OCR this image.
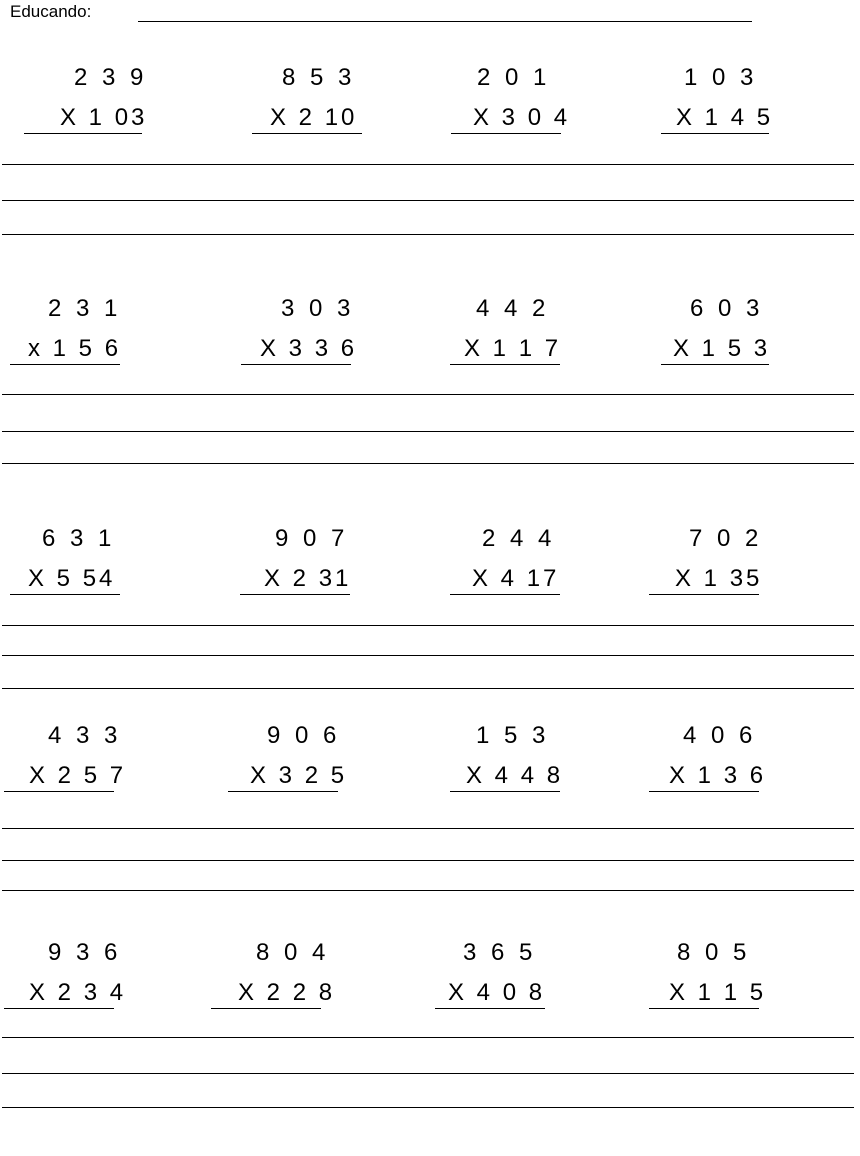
Educando:
2 3 9
X 1 03
8 5 3
X 2 10
2 0 1
X 3 0 4
1 0 3
X 1 4 5
2 3 1
x 1 5 6
3 0 3
X 3 3 6
4 4 2
X 1 1 7
6 0 3
X 1 5 3
6 3 1
X 5 54
9 0 7
X 2 31
2 4 4
X 4 17
7 0 2
X 1 35
4 3 3
X 2 5 7
9 0 6
X 3 2 5
1 5 3
X 4 4 8
4 0 6
X 1 3 6
9 3 6
X 2 3 4
8 0 4
X 2 2 8
3 6 5
X 4 0 8
8 0 5
X 1 1 5
